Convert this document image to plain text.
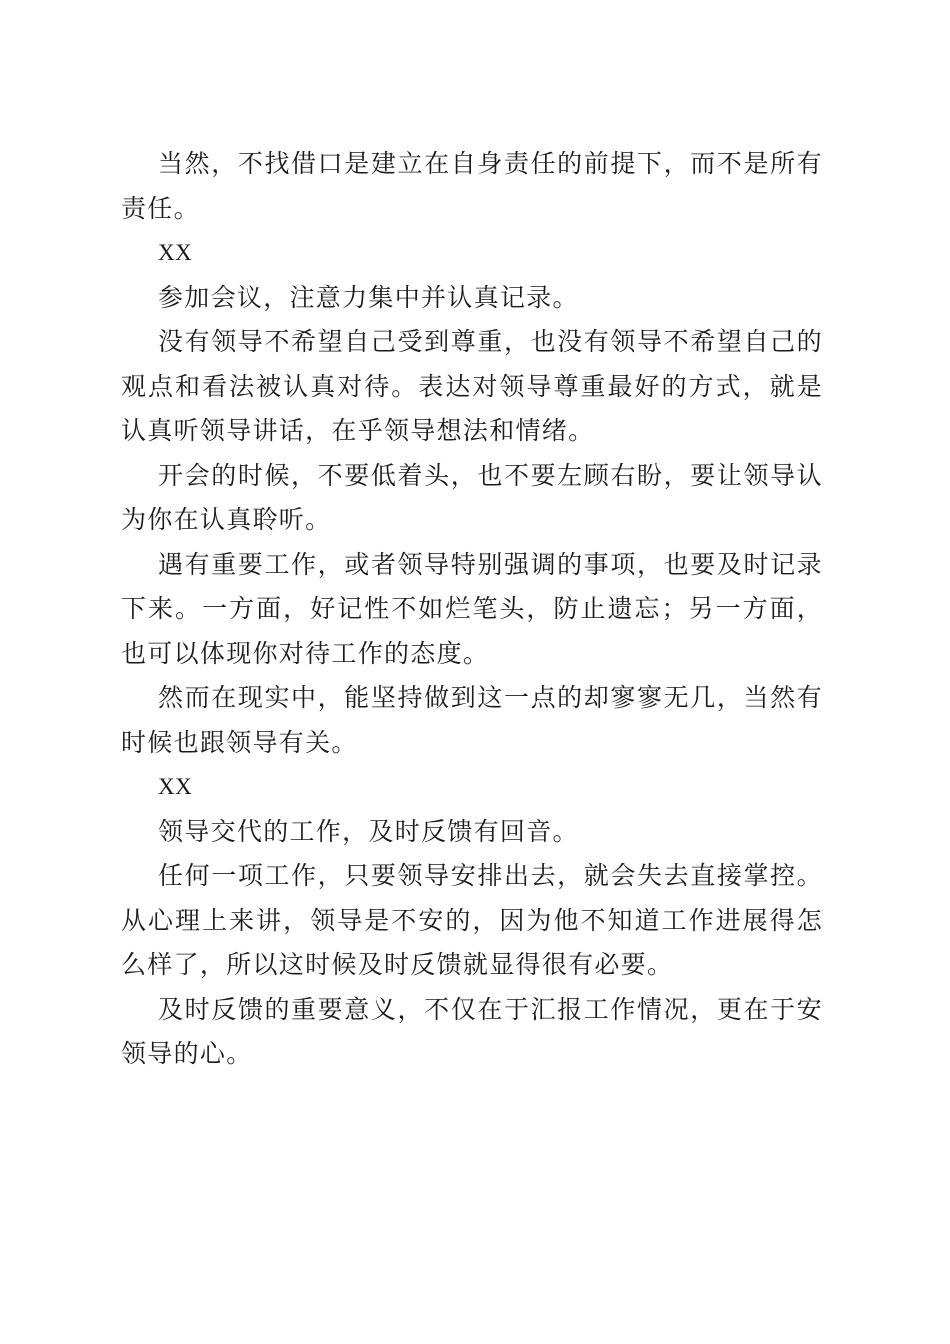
当然，不找借口是建立在自身责任的前提下，而不是所有责任。

XX

参加会议，注意力集中并认真记录。

没有领导不希望自己受到尊重，也没有领导不希望自己的观点和看法被认真对待。表达对领导尊重最好的方式，就是认真听领导讲话，在乎领导想法和情绪。

开会的时候，不要低着头，也不要左顾右盼，要让领导认为你在认真聆听。

遇有重要工作，或者领导特别强调的事项，也要及时记录下来。一方面，好记性不如烂笔头，防止遗忘；另一方面，也可以体现你对待工作的态度。

然而在现实中，能坚持做到这一点的却寥寥无几，当然有时候也跟领导有关。

XX

领导交代的工作，及时反馈有回音。

任何一项工作，只要领导安排出去，就会失去直接掌控。从心理上来讲，领导是不安的，因为他不知道工作进展得怎么样了，所以这时候及时反馈就显得很有必要。

及时反馈的重要意义，不仅在于汇报工作情况，更在于安领导的心。
